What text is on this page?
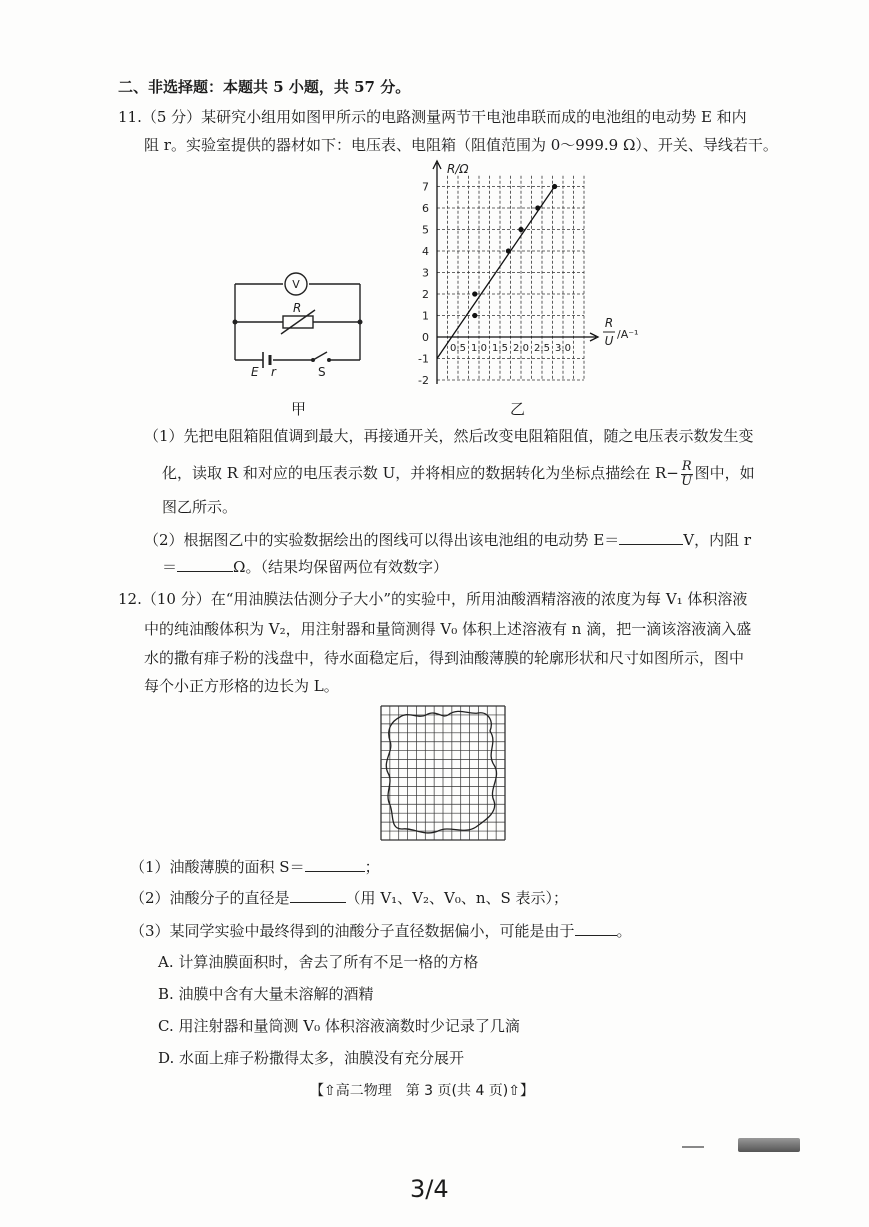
二、非选择题：本题共 5 小题，共 57 分。
11.（5 分）某研究小组用如图甲所示的电路测量两节干电池串联而成的电池组的电动势 E 和内
阻 r。实验室提供的器材如下：电压表、电阻箱（阻值范围为 0～999.9 Ω）、开关、导线若干。
V
R
E r	S
7
6
5
4
3
2
1
0
-1
-2
0.5 1.0 1.5 2.0 2.5 3.0
R/Ω
R
U /A⁻¹
甲	乙
（1）先把电阻箱阻值调到最大，再接通开关，然后改变电阻箱阻值，随之电压表示数发生变
化，读取 R 和对应的电压表示数 U，并将相应的数据转化为坐标点描绘在 $R- \frac{R}{U}$ 图中，如
图乙所示。
（2）根据图乙中的实验数据绘出的图线可以得出该电池组的电动势 E＝	V，内阻 r
＝	Ω。（结果均保留两位有效数字）
12.（10 分）在“用油膜法估测分子大小”的实验中，所用油酸酒精溶液的浓度为每 V₁ 体积溶液
中的纯油酸体积为 V₂，用注射器和量筒测得 V₀ 体积上述溶液有 n 滴，把一滴该溶液滴入盛
水的撒有痱子粉的浅盘中，待水面稳定后，得到油酸薄膜的轮廓形状和尺寸如图所示，图中
每个小正方形格的边长为 L。
（1）油酸薄膜的面积 S＝	；
（2）油酸分子的直径是	（用 V₁、V₂、V₀、n、S 表示）；
（3）某同学实验中最终得到的油酸分子直径数据偏小，可能是由于	。
A. 计算油膜面积时，舍去了所有不足一格的方格
B. 油膜中含有大量未溶解的酒精
C. 用注射器和量筒测 V₀ 体积溶液滴数时少记录了几滴
D. 水面上痱子粉撒得太多，油膜没有充分展开
【⇧高二物理　第 3 页(共 4 页)⇧】
3/4
